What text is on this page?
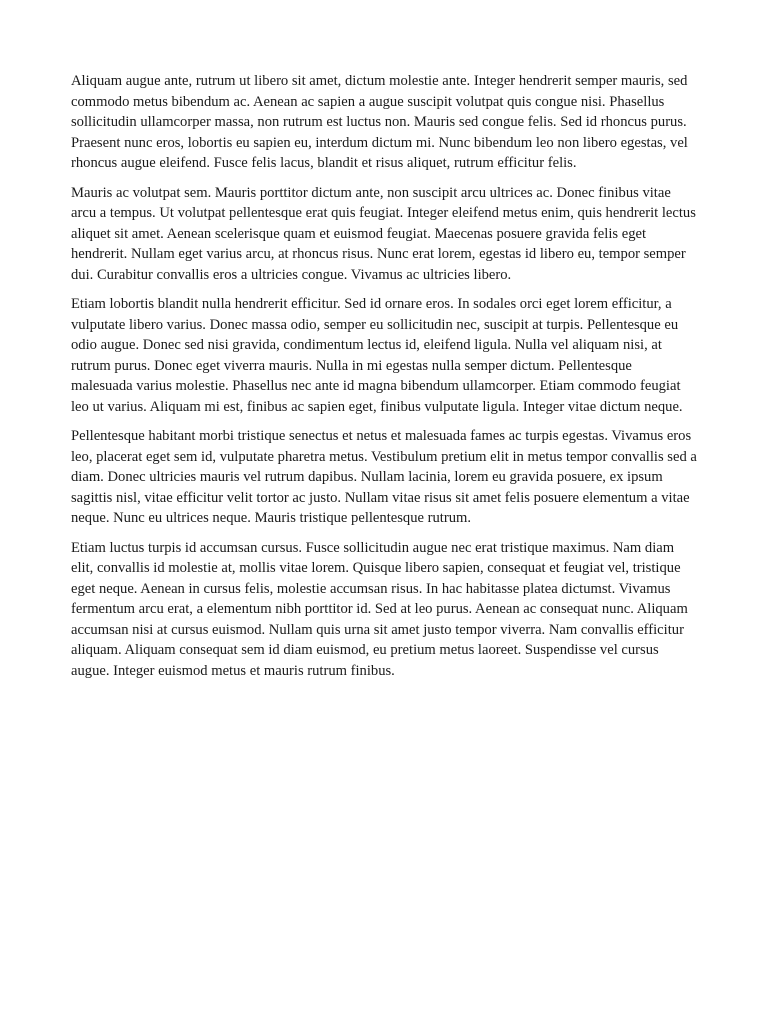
Aliquam augue ante, rutrum ut libero sit amet, dictum molestie ante. Integer hendrerit semper mauris, sed commodo metus bibendum ac. Aenean ac sapien a augue suscipit volutpat quis congue nisi. Phasellus sollicitudin ullamcorper massa, non rutrum est luctus non. Mauris sed congue felis. Sed id rhoncus purus. Praesent nunc eros, lobortis eu sapien eu, interdum dictum mi. Nunc bibendum leo non libero egestas, vel rhoncus augue eleifend. Fusce felis lacus, blandit et risus aliquet, rutrum efficitur felis.

Mauris ac volutpat sem. Mauris porttitor dictum ante, non suscipit arcu ultrices ac. Donec finibus vitae arcu a tempus. Ut volutpat pellentesque erat quis feugiat. Integer eleifend metus enim, quis hendrerit lectus aliquet sit amet. Aenean scelerisque quam et euismod feugiat. Maecenas posuere gravida felis eget hendrerit. Nullam eget varius arcu, at rhoncus risus. Nunc erat lorem, egestas id libero eu, tempor semper dui. Curabitur convallis eros a ultricies congue. Vivamus ac ultricies libero.

Etiam lobortis blandit nulla hendrerit efficitur. Sed id ornare eros. In sodales orci eget lorem efficitur, a vulputate libero varius. Donec massa odio, semper eu sollicitudin nec, suscipit at turpis. Pellentesque eu odio augue. Donec sed nisi gravida, condimentum lectus id, eleifend ligula. Nulla vel aliquam nisi, at rutrum purus. Donec eget viverra mauris. Nulla in mi egestas nulla semper dictum. Pellentesque malesuada varius molestie. Phasellus nec ante id magna bibendum ullamcorper. Etiam commodo feugiat leo ut varius. Aliquam mi est, finibus ac sapien eget, finibus vulputate ligula. Integer vitae dictum neque.

Pellentesque habitant morbi tristique senectus et netus et malesuada fames ac turpis egestas. Vivamus eros leo, placerat eget sem id, vulputate pharetra metus. Vestibulum pretium elit in metus tempor convallis sed a diam. Donec ultricies mauris vel rutrum dapibus. Nullam lacinia, lorem eu gravida posuere, ex ipsum sagittis nisl, vitae efficitur velit tortor ac justo. Nullam vitae risus sit amet felis posuere elementum a vitae neque. Nunc eu ultrices neque. Mauris tristique pellentesque rutrum.

Etiam luctus turpis id accumsan cursus. Fusce sollicitudin augue nec erat tristique maximus. Nam diam elit, convallis id molestie at, mollis vitae lorem. Quisque libero sapien, consequat et feugiat vel, tristique eget neque. Aenean in cursus felis, molestie accumsan risus. In hac habitasse platea dictumst. Vivamus fermentum arcu erat, a elementum nibh porttitor id. Sed at leo purus. Aenean ac consequat nunc. Aliquam accumsan nisi at cursus euismod. Nullam quis urna sit amet justo tempor viverra. Nam convallis efficitur aliquam. Aliquam consequat sem id diam euismod, eu pretium metus laoreet. Suspendisse vel cursus augue. Integer euismod metus et mauris rutrum finibus.
